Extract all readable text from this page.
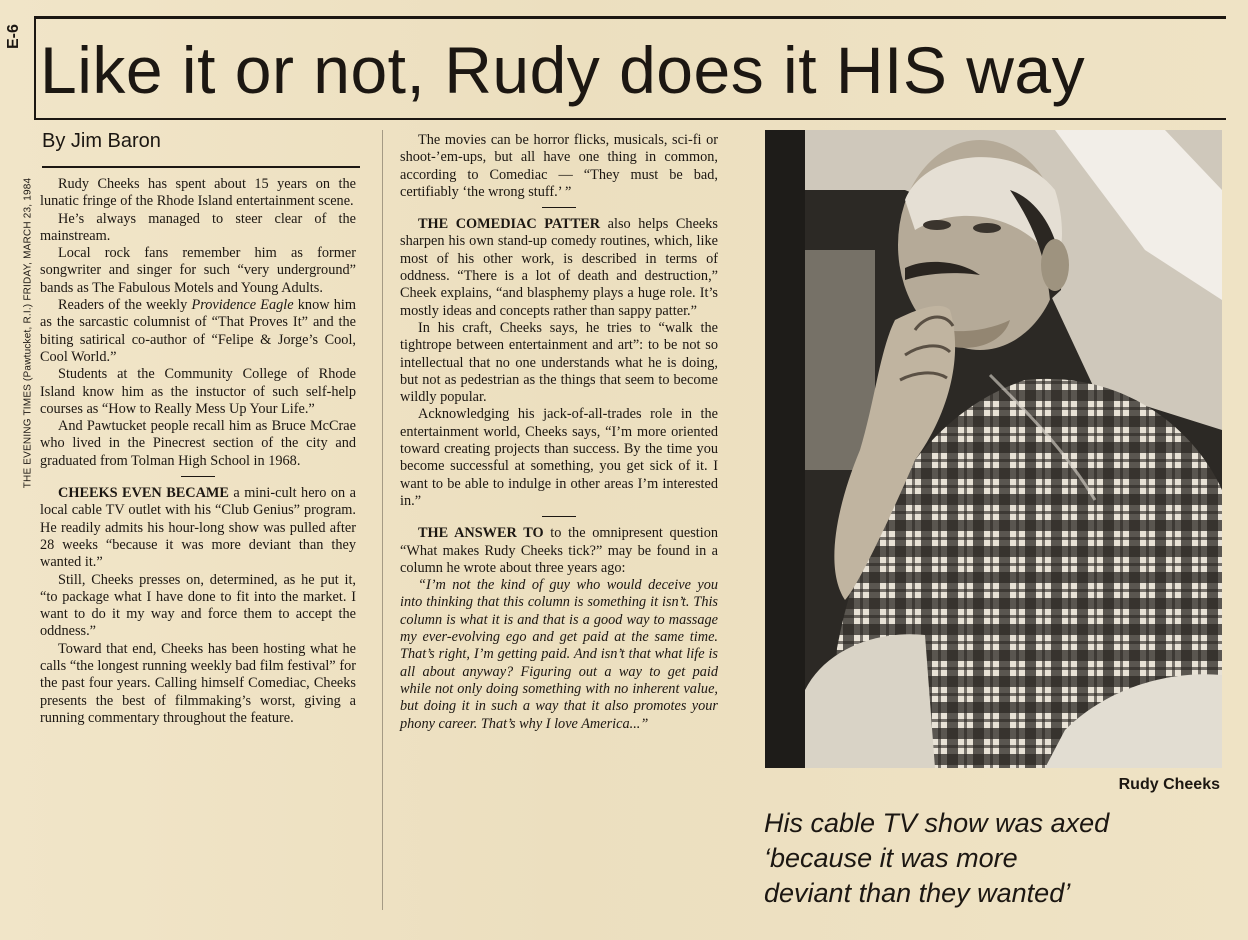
E-6 Like it or not, Rudy does it HIS way
THE EVENING TIMES (Pawtucket, R.I.) FRIDAY, MARCH 23, 1984
By Jim Baron

Rudy Cheeks has spent about 15 years on the lunatic fringe of the Rhode Island entertainment scene.

He’s always managed to steer clear of the mainstream.

Local rock fans remember him as former songwriter and singer for such “very underground” bands as The Fabulous Motels and Young Adults.

Readers of the weekly Providence Eagle know him as the sarcastic columnist of “That Proves It” and the biting satirical co-author of “Felipe & Jorge’s Cool, Cool World.”

Students at the Community College of Rhode Island know him as the instuctor of such self-help courses as “How to Really Mess Up Your Life.”

And Pawtucket people recall him as Bruce McCrae who lived in the Pinecrest section of the city and graduated from Tolman High School in 1968.

CHEEKS EVEN BECAME a mini-cult hero on a local cable TV outlet with his “Club Genius” program. He readily admits his hour-long show was pulled after 28 weeks “because it was more deviant than they wanted it.”

Still, Cheeks presses on, determined, as he put it, “to package what I have done to fit into the market. I want to do it my way and force them to accept the oddness.”

Toward that end, Cheeks has been hosting what he calls “the longest running weekly bad film festival” for the past four years. Calling himself Comediac, Cheeks presents the best of filmmaking’s worst, giving a running commentary throughout the feature.

The movies can be horror flicks, musicals, sci-fi or shoot-’em-ups, but all have one thing in common, according to Comediac — “They must be bad, certifiably ‘the wrong stuff.’ ”

THE COMEDIAC PATTER also helps Cheeks sharpen his own stand-up comedy routines, which, like most of his other work, is described in terms of oddness. “There is a lot of death and destruction,” Cheek explains, “and blasphemy plays a huge role. It’s mostly ideas and concepts rather than sappy patter.”

In his craft, Cheeks says, he tries to “walk the tightrope between entertainment and art”: to be not so intellectual that no one understands what he is doing, but not as pedestrian as the things that seem to become wildly popular.

Acknowledging his jack-of-all-trades role in the entertainment world, Cheeks says, “I’m more oriented toward creating projects than success. By the time you become successful at something, you get sick of it. I want to be able to indulge in other areas I’m interested in.”

THE ANSWER TO to the omnipresent question “What makes Rudy Cheeks tick?” may be found in a column he wrote about three years ago:

“I’m not the kind of guy who would deceive you into thinking that this column is something it isn’t. This column is what it is and that is a good way to massage my ever-evolving ego and get paid at the same time. That’s right, I’m getting paid. And isn’t that what life is all about anyway? Figuring out a way to get paid while not only doing something with no inherent value, but doing it in such a way that it also promotes your phony career. That’s why I love America...”

Rudy Cheeks
His cable TV show was axed
‘because it was more
deviant than they wanted’
